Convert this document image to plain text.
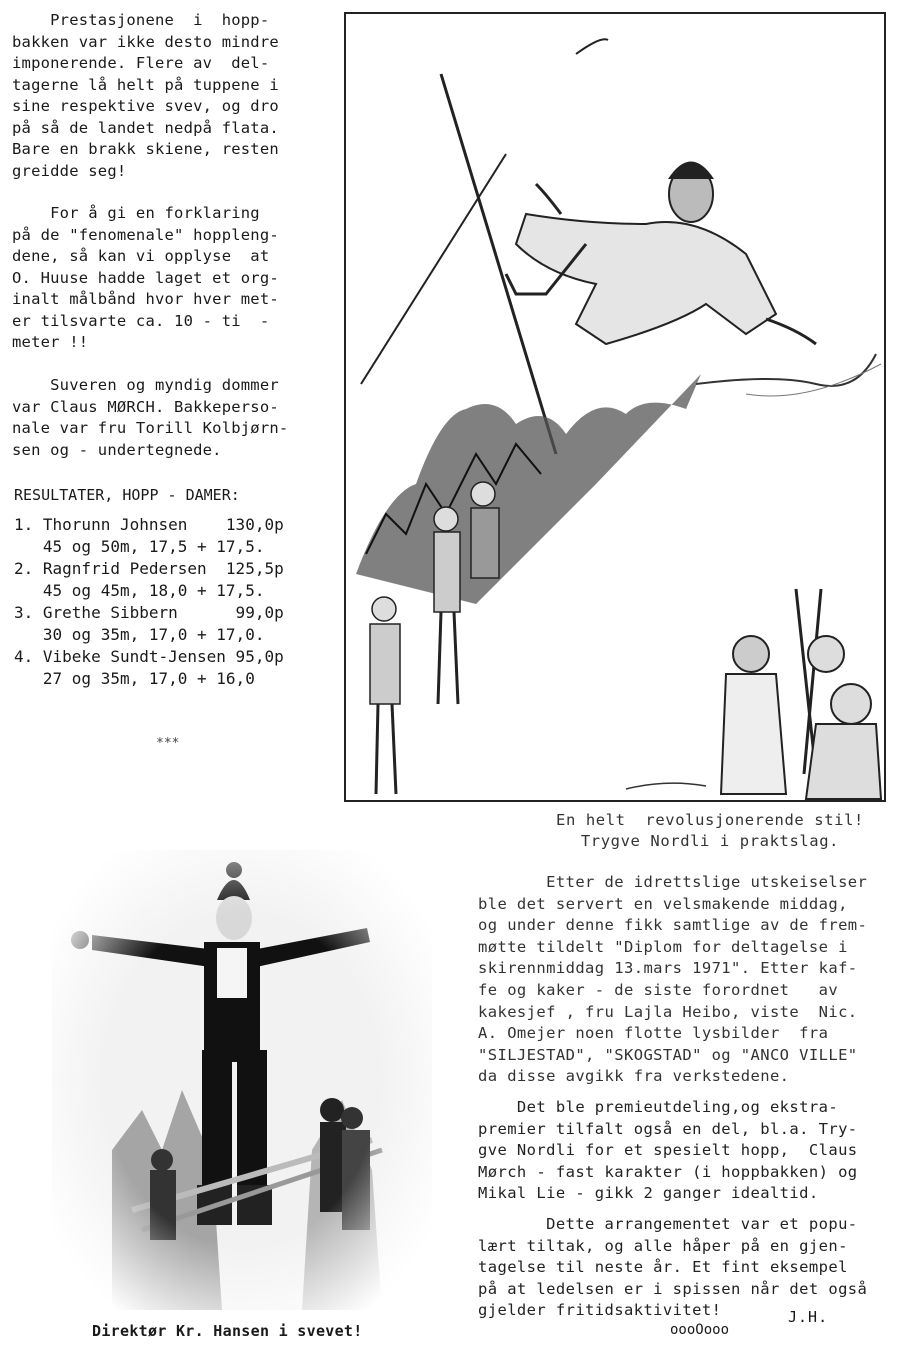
Prestasjonene  i  hopp-
bakken var ikke desto mindre
imponerende. Flere av  del-
tagerne lå helt på tuppene i
sine respektive svev, og dro
på så de landet nedpå flata.
Bare en brakk skiene, resten
greidde seg!
For å gi en forklaring
på de "fenomenale" hoppleng-
dene, så kan vi opplyse  at
O. Huuse hadde laget et org-
inalt målbånd hvor hver met-
er tilsvarte ca. 10 - ti  -
meter !!
Suveren og myndig dommer
var Claus MØRCH. Bakkeperso-
nale var fru Torill Kolbjørn-
sen og - undertegnede.
RESULTATER, HOPP - DAMER:
1. Thorunn Johnsen    130,0p
45 og 50m, 17,5 + 17,5.
2. Ragnfrid Pedersen  125,5p
45 og 45m, 18,0 + 17,5.
3. Grethe Sibbern      99,0p
30 og 35m, 17,0 + 17,0.
4. Vibeke Sundt-Jensen 95,0p
27 og 35m, 17,0 + 16,0
***
En helt  revolusjonerende stil!
Trygve Nordli i praktslag.
Direktør Kr. Hansen i svevet!
Etter de idrettslige utskeiselser
ble det servert en velsmakende middag,
og under denne fikk samtlige av de frem-
møtte tildelt "Diplom for deltagelse i
skirennmiddag 13.mars 1971". Etter kaf-
fe og kaker - de siste forordnet   av
kakesjef , fru Lajla Heibo, viste  Nic.
A. Omejer noen flotte lysbilder  fra
"SILJESTAD", "SKOGSTAD" og "ANCO VILLE"
da disse avgikk fra verkstedene.
Det ble premieutdeling,og ekstra-
premier tilfalt også en del, bl.a. Try-
gve Nordli for et spesielt hopp,  Claus
Mørch - fast karakter (i hoppbakken) og
Mikal Lie - gikk 2 ganger idealtid.
Dette arrangementet var et popu-
lært tiltak, og alle håper på en gjen-
tagelse til neste år. Et fint eksempel
på at ledelsen er i spissen når det også
gjelder fritidsaktivitet!	J.H.
oooOooo
